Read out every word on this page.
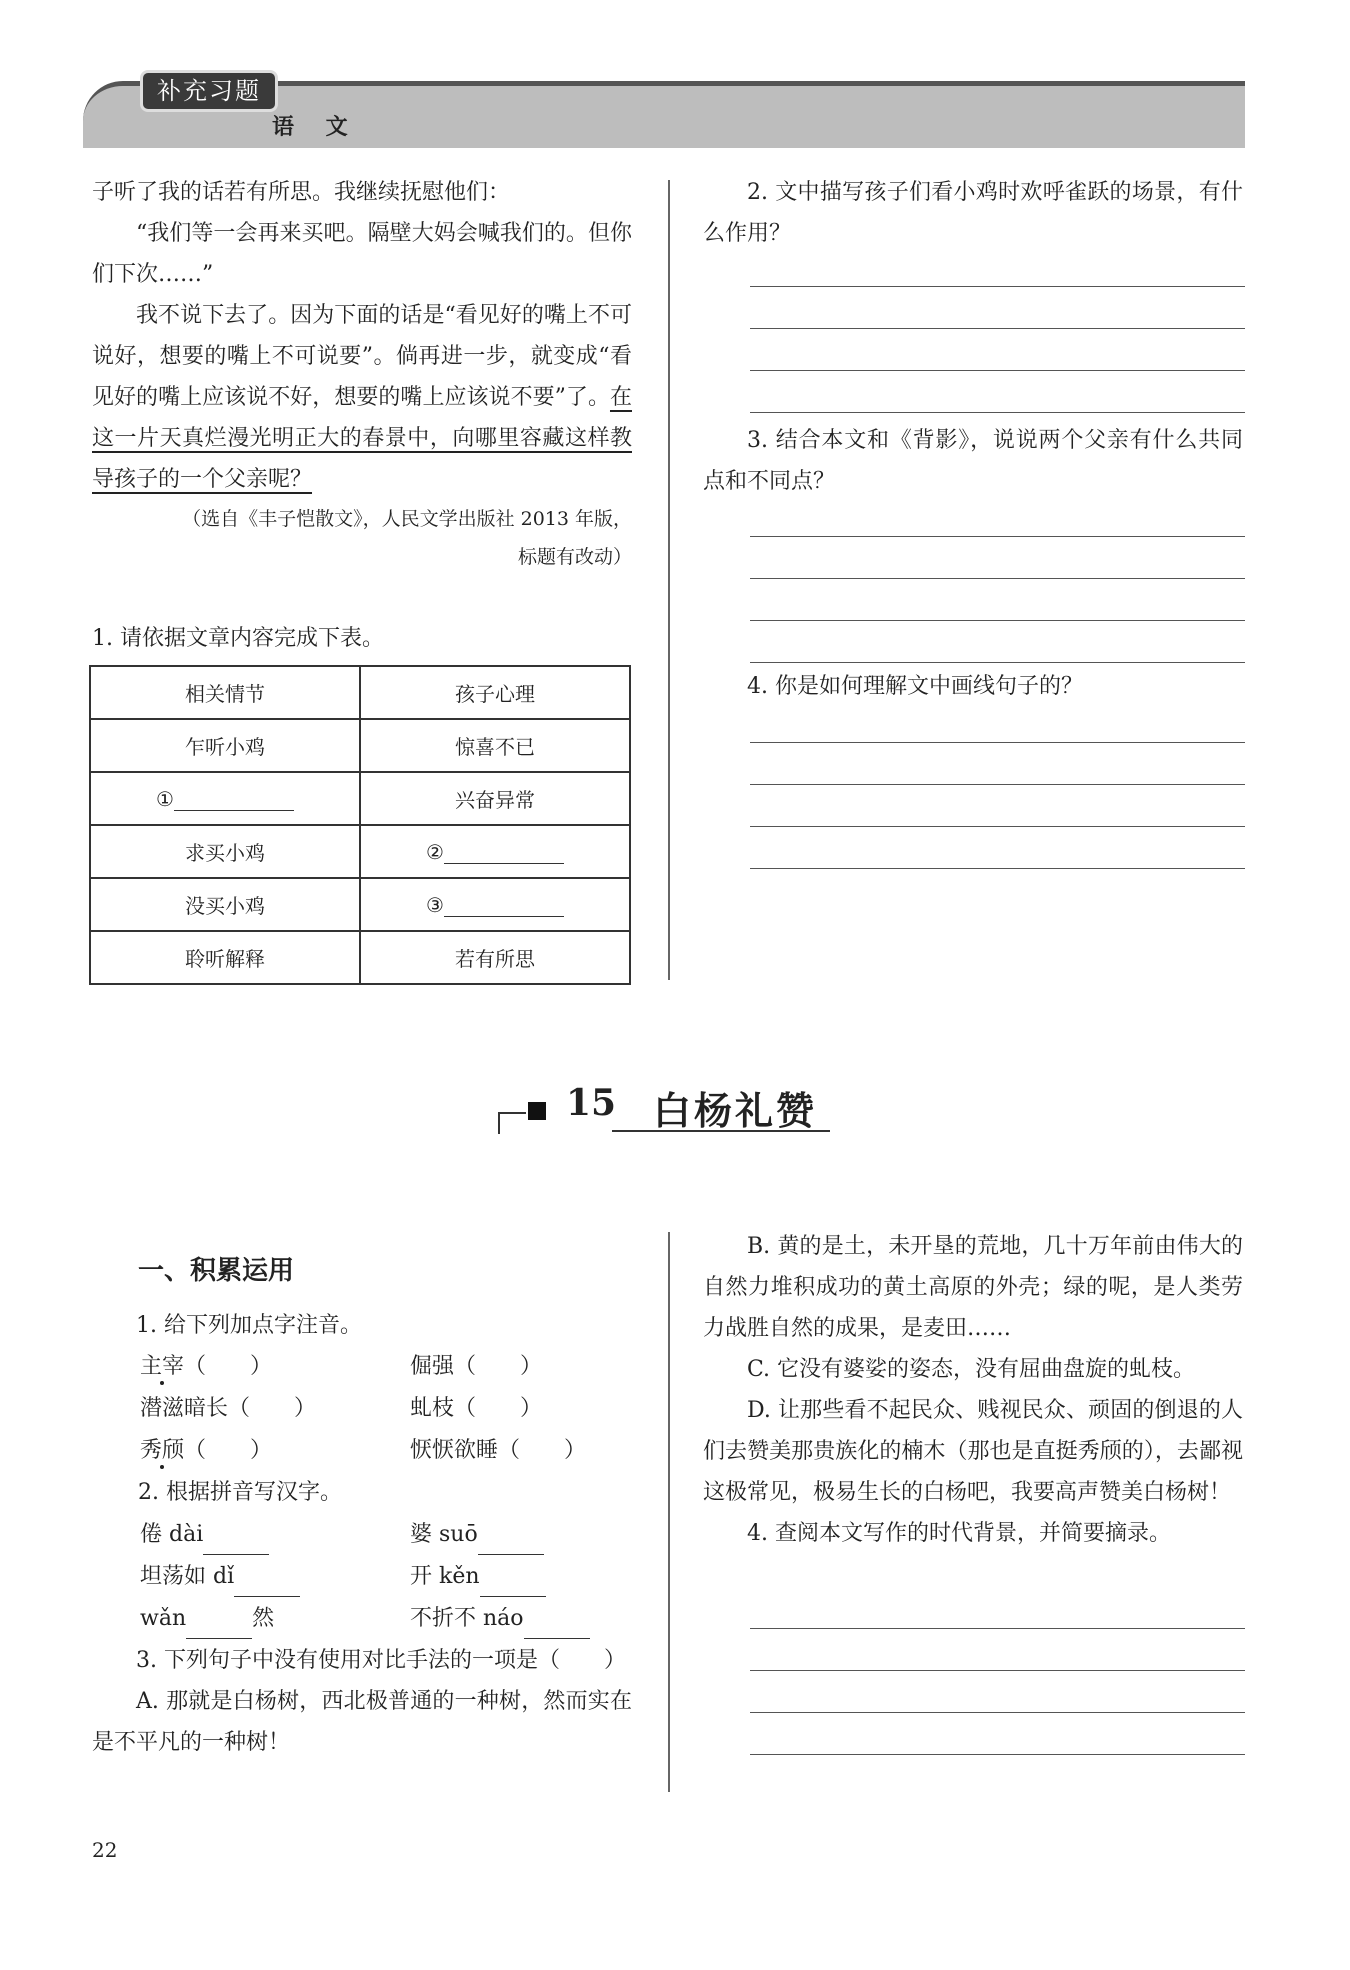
补充习题
语 文

子听了我的话若有所思。我继续抚慰他们：

“我们等一会再来买吧。隔壁大妈会喊我们的。但你们下次……”

我不说下去了。因为下面的话是“看见好的嘴上不可说好，想要的嘴上不可说要”。倘再进一步，就变成“看见好的嘴上应该说不好，想要的嘴上应该说不要”了。在这一片天真烂漫光明正大的春景中，向哪里容藏这样教导孩子的一个父亲呢？

（选自《丰子恺散文》，人民文学出版社 2013 年版，
标题有改动）
1. 请依据文章内容完成下表。
相关情节	孩子心理
乍听小鸡	惊喜不已
①	兴奋异常
求买小鸡	②
没买小鸡	③
聆听解释	若有所思

2. 文中描写孩子们看小鸡时欢呼雀跃的场景，有什么作用？

3. 结合本文和《背影》，说说两个父亲有什么共同点和不同点？

4. 你是如何理解文中画线句子的？

15 白杨礼赞
一、积累运用
1. 给下列加点字注音。
主宰（　　）	倔强（　　）
潜滋暗长（　　）	虬枝（　　）
秀颀（　　）	恹恹欲睡（　　）
2. 根据拼音写汉字。
倦 dài	婆 suō
坦荡如 dǐ	开 kěn
wǎn	然	不折不 náo

3. 下列句子中没有使用对比手法的一项是（　　）

A. 那就是白杨树，西北极普通的一种树，然而实在是不平凡的一种树！

B. 黄的是土，未开垦的荒地，几十万年前由伟大的自然力堆积成功的黄土高原的外壳；绿的呢，是人类劳力战胜自然的成果，是麦田……

C. 它没有婆娑的姿态，没有屈曲盘旋的虬枝。

D. 让那些看不起民众、贱视民众、顽固的倒退的人们去赞美那贵族化的楠木（那也是直挺秀颀的），去鄙视这极常见，极易生长的白杨吧，我要高声赞美白杨树！

4. 查阅本文写作的时代背景，并简要摘录。

22
